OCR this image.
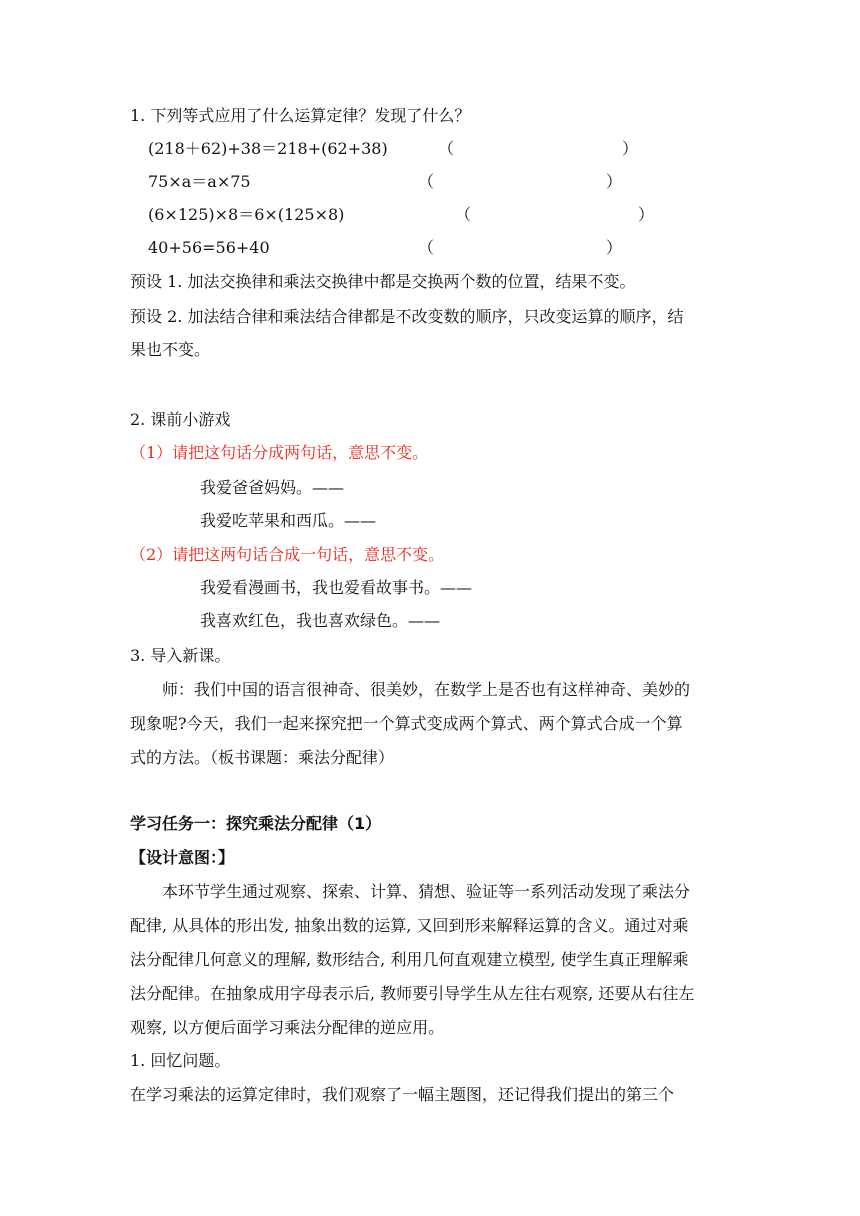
1. 下列等式应用了什么运算定律？发现了什么？
(218＋62)+38＝218+(62+38)	（	）
75×a＝a×75	（	）
(6×125)×8＝6×(125×8)	（	）
40+56=56+40	（	）
预设 1. 加法交换律和乘法交换律中都是交换两个数的位置，结果不变。
预设 2. 加法结合律和乘法结合律都是不改变数的顺序，只改变运算的顺序，结
果也不变。
2. 课前小游戏
（1）请把这句话分成两句话，意思不变。
我爱爸爸妈妈。——
我爱吃苹果和西瓜。——
（2）请把这两句话合成一句话，意思不变。
我爱看漫画书，我也爱看故事书。——
我喜欢红色，我也喜欢绿色。——
3. 导入新课。
师：我们中国的语言很神奇、很美妙，在数学上是否也有这样神奇、美妙的
现象呢?今天，我们一起来探究把一个算式变成两个算式、两个算式合成一个算
式的方法。（板书课题：乘法分配律）
学习任务一：探究乘法分配律（1）
【设计意图：】
本环节学生通过观察、探索、计算、猜想、验证等一系列活动发现了乘法分
配律, 从具体的形出发, 抽象出数的运算, 又回到形来解释运算的含义。通过对乘
法分配律几何意义的理解, 数形结合, 利用几何直观建立模型, 使学生真正理解乘
法分配律。在抽象成用字母表示后, 教师要引导学生从左往右观察, 还要从右往左
观察, 以方便后面学习乘法分配律的逆应用。
1. 回忆问题。
在学习乘法的运算定律时，我们观察了一幅主题图，还记得我们提出的第三个
